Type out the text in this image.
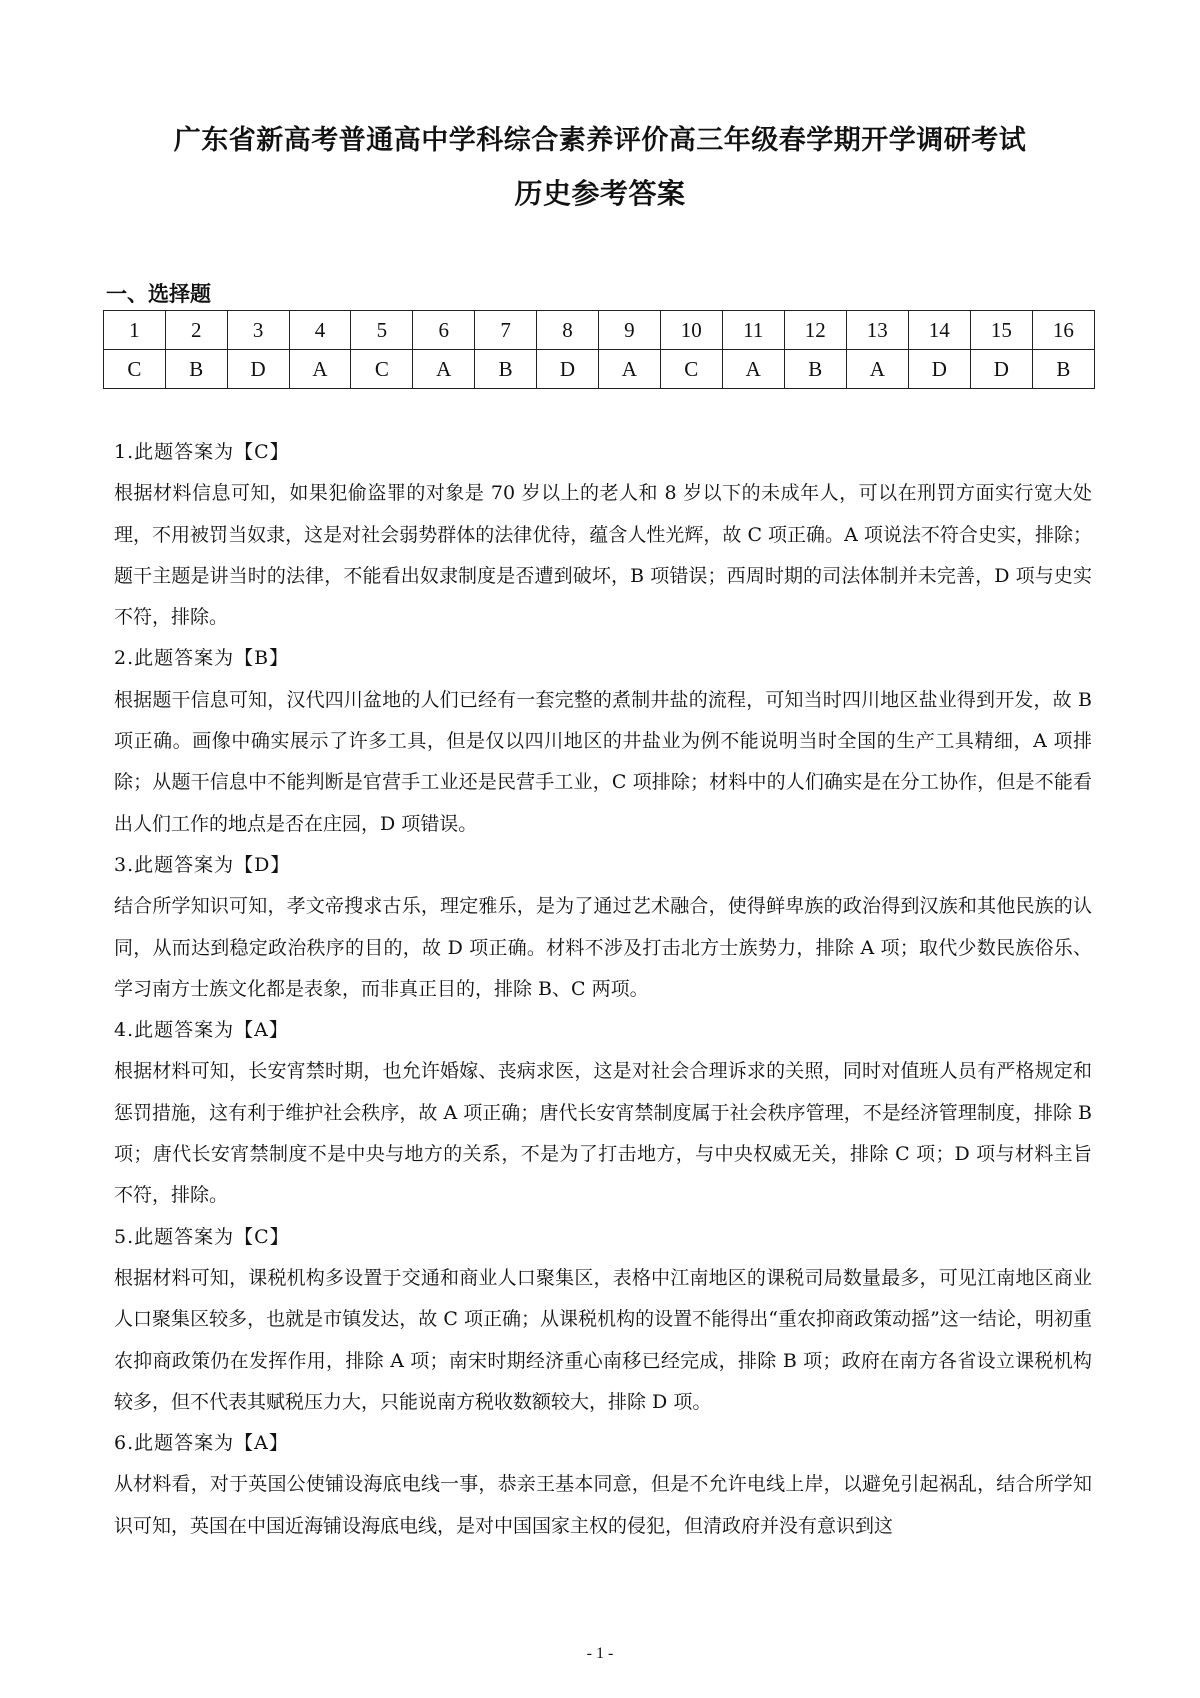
广东省新高考普通高中学科综合素养评价高三年级春学期开学调研考试
历史参考答案
一、选择题
1	2	3	4	5	6	7	8	9	10	11	12	13	14	15	16
C	B	D	A	C	A	B	D	A	C	A	B	A	D	D	B

1.此题答案为【C】

根据材料信息可知，如果犯偷盗罪的对象是 70 岁以上的老人和 8 岁以下的未成年人，可以在刑罚方面实行宽大处理，不用被罚当奴隶，这是对社会弱势群体的法律优待，蕴含人性光辉，故 C 项正确。A 项说法不符合史实，排除；题干主题是讲当时的法律，不能看出奴隶制度是否遭到破坏，B 项错误；西周时期的司法体制并未完善，D 项与史实不符，排除。

2.此题答案为【B】

根据题干信息可知，汉代四川盆地的人们已经有一套完整的煮制井盐的流程，可知当时四川地区盐业得到开发，故 B 项正确。画像中确实展示了许多工具，但是仅以四川地区的井盐业为例不能说明当时全国的生产工具精细，A 项排除；从题干信息中不能判断是官营手工业还是民营手工业，C 项排除；材料中的人们确实是在分工协作，但是不能看出人们工作的地点是否在庄园，D 项错误。

3.此题答案为【D】

结合所学知识可知，孝文帝搜求古乐，理定雅乐，是为了通过艺术融合，使得鲜卑族的政治得到汉族和其他民族的认同，从而达到稳定政治秩序的目的，故 D 项正确。材料不涉及打击北方士族势力，排除 A 项；取代少数民族俗乐、学习南方士族文化都是表象，而非真正目的，排除 B、C 两项。

4.此题答案为【A】

根据材料可知，长安宵禁时期，也允许婚嫁、丧病求医，这是对社会合理诉求的关照，同时对值班人员有严格规定和惩罚措施，这有利于维护社会秩序，故 A 项正确；唐代长安宵禁制度属于社会秩序管理，不是经济管理制度，排除 B 项；唐代长安宵禁制度不是中央与地方的关系，不是为了打击地方，与中央权威无关，排除 C 项；D 项与材料主旨不符，排除。

5.此题答案为【C】

根据材料可知，课税机构多设置于交通和商业人口聚集区，表格中江南地区的课税司局数量最多，可见江南地区商业人口聚集区较多，也就是市镇发达，故 C 项正确；从课税机构的设置不能得出“重农抑商政策动摇”这一结论，明初重农抑商政策仍在发挥作用，排除 A 项；南宋时期经济重心南移已经完成，排除 B 项；政府在南方各省设立课税机构较多，但不代表其赋税压力大，只能说南方税收数额较大，排除 D 项。

6.此题答案为【A】

从材料看，对于英国公使铺设海底电线一事，恭亲王基本同意，但是不允许电线上岸，以避免引起祸乱，结合所学知识可知，英国在中国近海铺设海底电线，是对中国国家主权的侵犯，但清政府并没有意识到这

- 1 -
